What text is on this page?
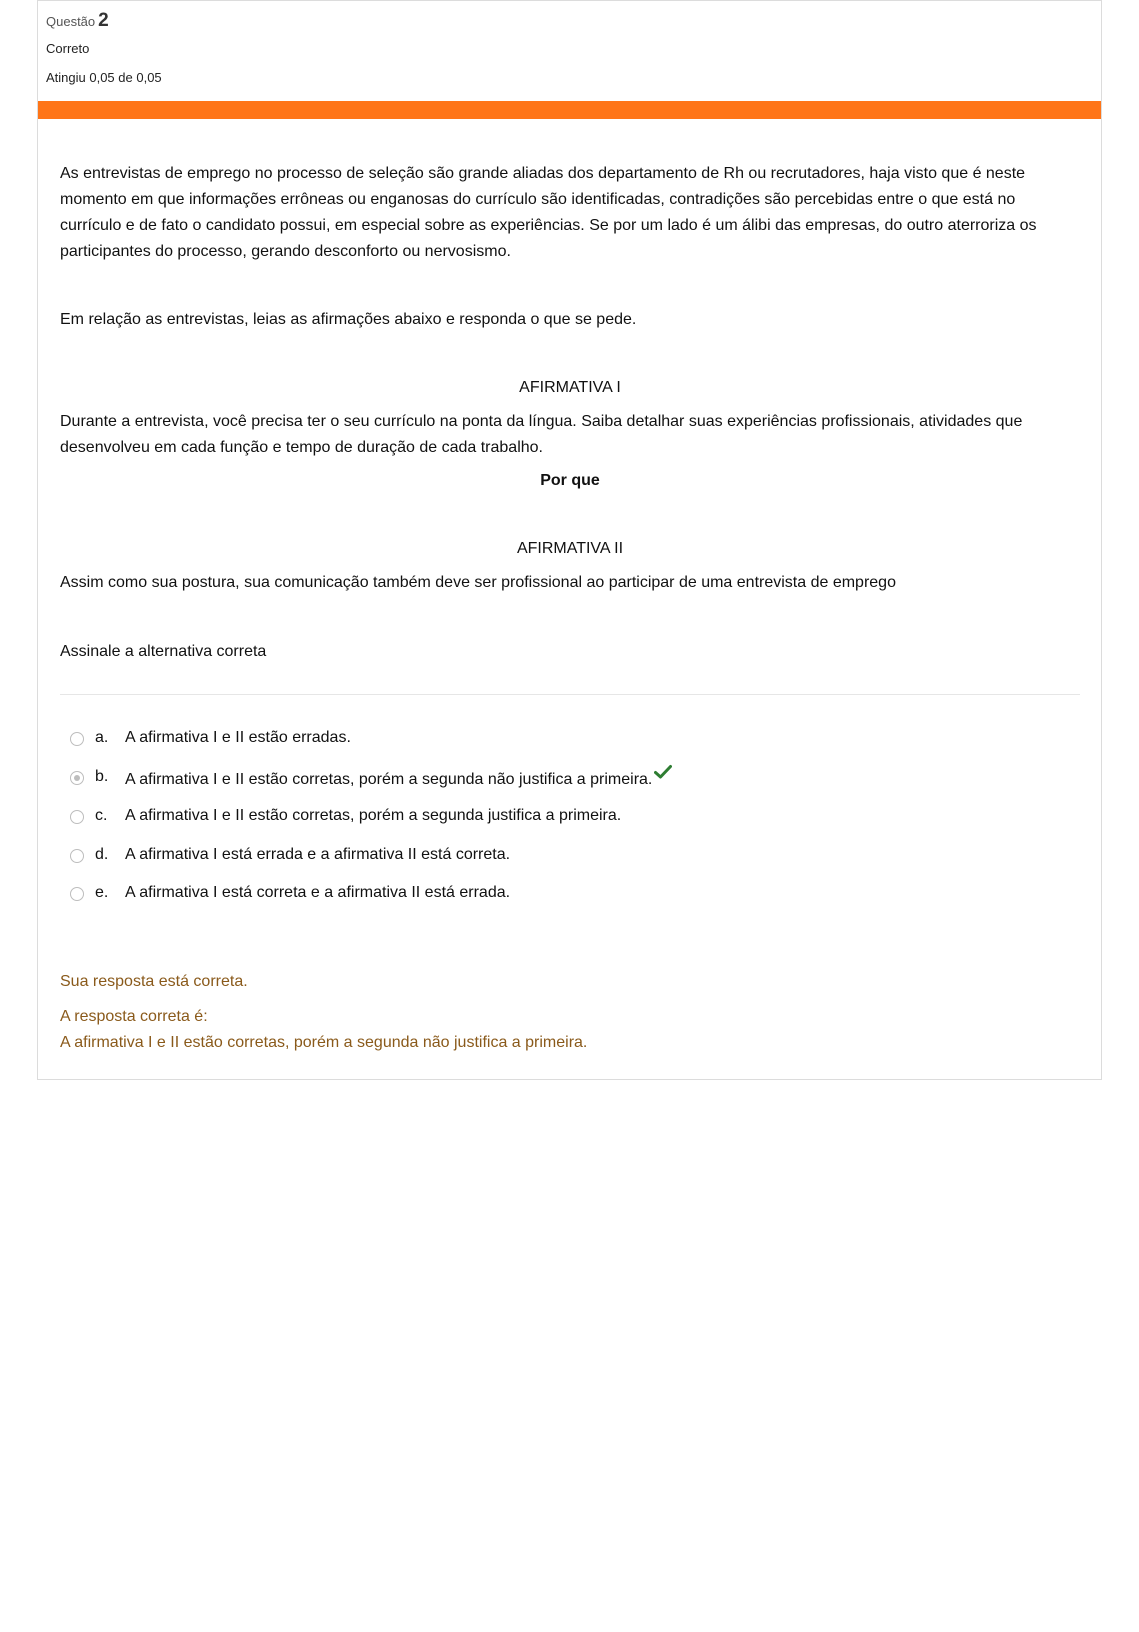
Questão 2
Correto
Atingiu 0,05 de 0,05

As entrevistas de emprego no processo de seleção são grande aliadas dos departamento de Rh ou recrutadores, haja visto que é neste momento em que informações errôneas ou enganosas do currículo são identificadas, contradições são percebidas entre o que está no currículo e de fato o candidato possui, em especial sobre as experiências. Se por um lado é um álibi das empresas, do outro aterroriza os participantes do processo, gerando desconforto ou nervosismo.

Em relação as entrevistas, leias as afirmações abaixo e responda o que se pede.

AFIRMATIVA I

Durante a entrevista, você precisa ter o seu currículo na ponta da língua. Saiba detalhar suas experiências profissionais, atividades que desenvolveu em cada função e tempo de duração de cada trabalho.

Por que

AFIRMATIVA II

Assim como sua postura, sua comunicação também deve ser profissional ao participar de uma entrevista de emprego

Assinale a alternativa correta

a. A afirmativa I e II estão erradas.
b. A afirmativa I e II estão corretas, porém a segunda não justifica a primeira.
c. A afirmativa I e II estão corretas, porém a segunda justifica a primeira.
d. A afirmativa I está errada e a afirmativa II está correta.
e. A afirmativa I está correta e a afirmativa II está errada.
Sua resposta está correta.
A resposta correta é:
A afirmativa I e II estão corretas, porém a segunda não justifica a primeira.
